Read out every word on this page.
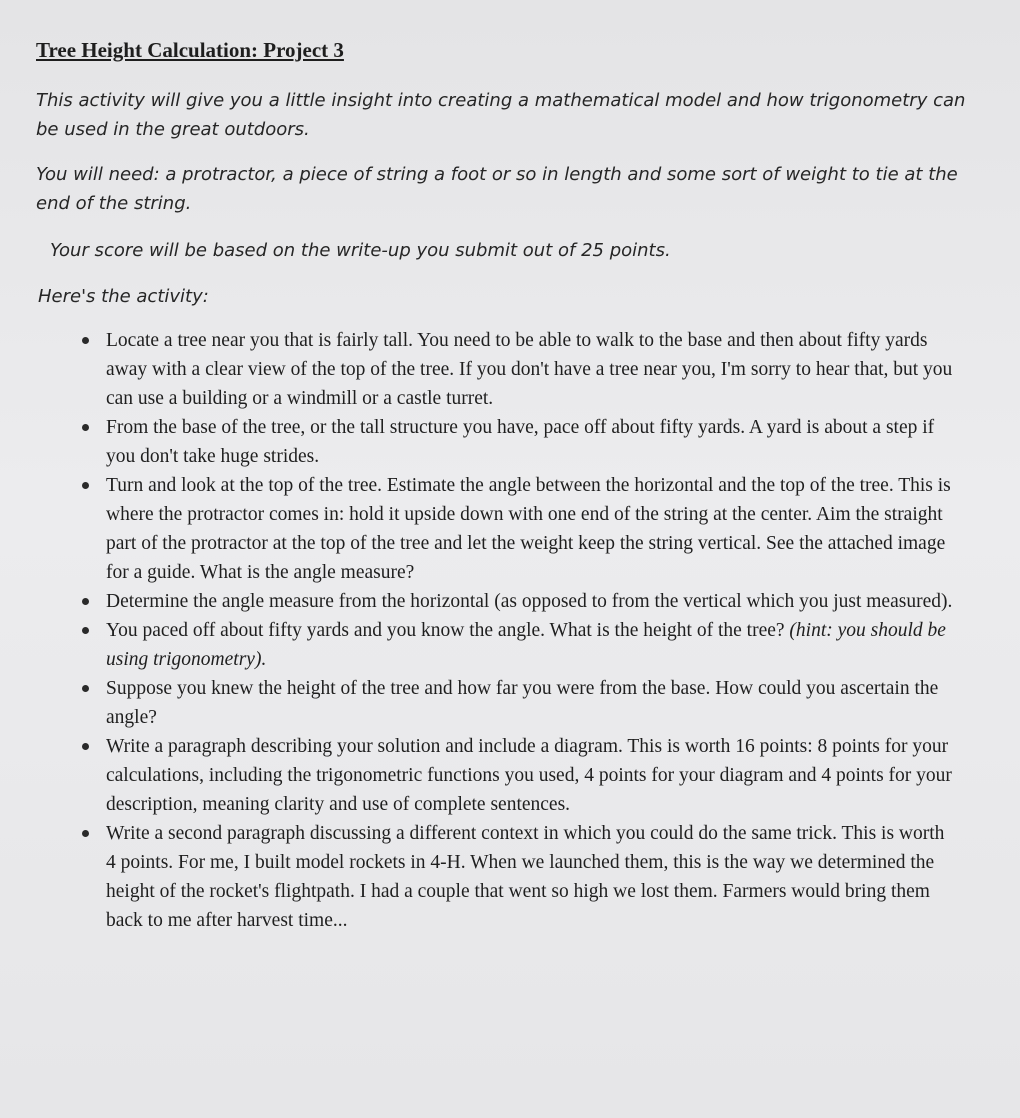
Tree Height Calculation: Project 3

This activity will give you a little insight into creating a mathematical model and how trigonometry can be used in the great outdoors.

You will need: a protractor, a piece of string a foot or so in length and some sort of weight to tie at the end of the string.

Your score will be based on the write-up you submit out of 25 points.

Here's the activity:

Locate a tree near you that is fairly tall. You need to be able to walk to the base and then about fifty yards away with a clear view of the top of the tree. If you don't have a tree near you, I'm sorry to hear that, but you can use a building or a windmill or a castle turret.
From the base of the tree, or the tall structure you have, pace off about fifty yards. A yard is about a step if you don't take huge strides.
Turn and look at the top of the tree. Estimate the angle between the horizontal and the top of the tree. This is where the protractor comes in: hold it upside down with one end of the string at the center. Aim the straight part of the protractor at the top of the tree and let the weight keep the string vertical. See the attached image for a guide. What is the angle measure?
Determine the angle measure from the horizontal (as opposed to from the vertical which you just measured).
You paced off about fifty yards and you know the angle. What is the height of the tree? (hint: you should be using trigonometry).
Suppose you knew the height of the tree and how far you were from the base. How could you ascertain the angle?
Write a paragraph describing your solution and include a diagram. This is worth 16 points: 8 points for your calculations, including the trigonometric functions you used, 4 points for your diagram and 4 points for your description, meaning clarity and use of complete sentences.
Write a second paragraph discussing a different context in which you could do the same trick. This is worth 4 points. For me, I built model rockets in 4-H. When we launched them, this is the way we determined the height of the rocket's flightpath. I had a couple that went so high we lost them. Farmers would bring them back to me after harvest time...
